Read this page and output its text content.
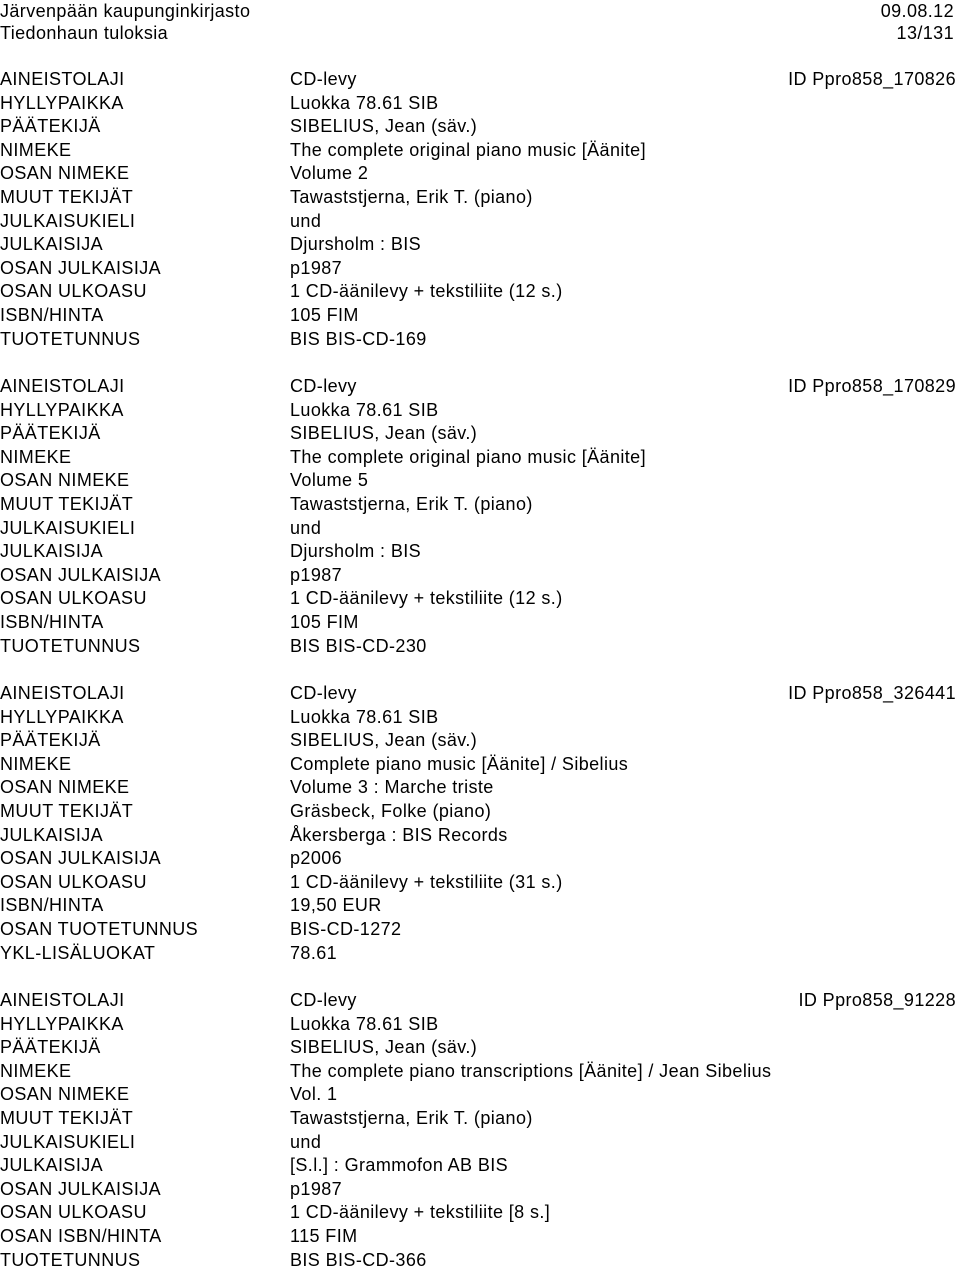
Järvenpään kaupunginkirjasto	09.08.12
Tiedonhaun tuloksia	13/131
AINEISTOLAJI	CD-levy	ID Ppro858_170826
HYLLYPAIKKA	Luokka 78.61 SIB
PÄÄTEKIJÄ	SIBELIUS, Jean (säv.)
NIMEKE	The complete original piano music [Äänite]
OSAN NIMEKE	Volume 2
MUUT TEKIJÄT	Tawaststjerna, Erik T. (piano)
JULKAISUKIELI	und
JULKAISIJA	Djursholm : BIS
OSAN JULKAISIJA	p1987
OSAN ULKOASU	1 CD-äänilevy + tekstiliite (12 s.)
ISBN/HINTA	105 FIM
TUOTETUNNUS	BIS BIS-CD-169
AINEISTOLAJI	CD-levy	ID Ppro858_170829
HYLLYPAIKKA	Luokka 78.61 SIB
PÄÄTEKIJÄ	SIBELIUS, Jean (säv.)
NIMEKE	The complete original piano music [Äänite]
OSAN NIMEKE	Volume 5
MUUT TEKIJÄT	Tawaststjerna, Erik T. (piano)
JULKAISUKIELI	und
JULKAISIJA	Djursholm : BIS
OSAN JULKAISIJA	p1987
OSAN ULKOASU	1 CD-äänilevy + tekstiliite (12 s.)
ISBN/HINTA	105 FIM
TUOTETUNNUS	BIS BIS-CD-230
AINEISTOLAJI	CD-levy	ID Ppro858_326441
HYLLYPAIKKA	Luokka 78.61 SIB
PÄÄTEKIJÄ	SIBELIUS, Jean (säv.)
NIMEKE	Complete piano music [Äänite] / Sibelius
OSAN NIMEKE	Volume 3 : Marche triste
MUUT TEKIJÄT	Gräsbeck, Folke (piano)
JULKAISIJA	Åkersberga : BIS Records
OSAN JULKAISIJA	p2006
OSAN ULKOASU	1 CD-äänilevy + tekstiliite (31 s.)
ISBN/HINTA	19,50 EUR
OSAN TUOTETUNNUS	BIS-CD-1272
YKL-LISÄLUOKAT	78.61
AINEISTOLAJI	CD-levy	ID Ppro858_91228
HYLLYPAIKKA	Luokka 78.61 SIB
PÄÄTEKIJÄ	SIBELIUS, Jean (säv.)
NIMEKE	The complete piano transcriptions [Äänite] / Jean Sibelius
OSAN NIMEKE	Vol. 1
MUUT TEKIJÄT	Tawaststjerna, Erik T. (piano)
JULKAISUKIELI	und
JULKAISIJA	[S.l.] : Grammofon AB BIS
OSAN JULKAISIJA	p1987
OSAN ULKOASU	1 CD-äänilevy + tekstiliite [8 s.]
OSAN ISBN/HINTA	115 FIM
TUOTETUNNUS	BIS BIS-CD-366
